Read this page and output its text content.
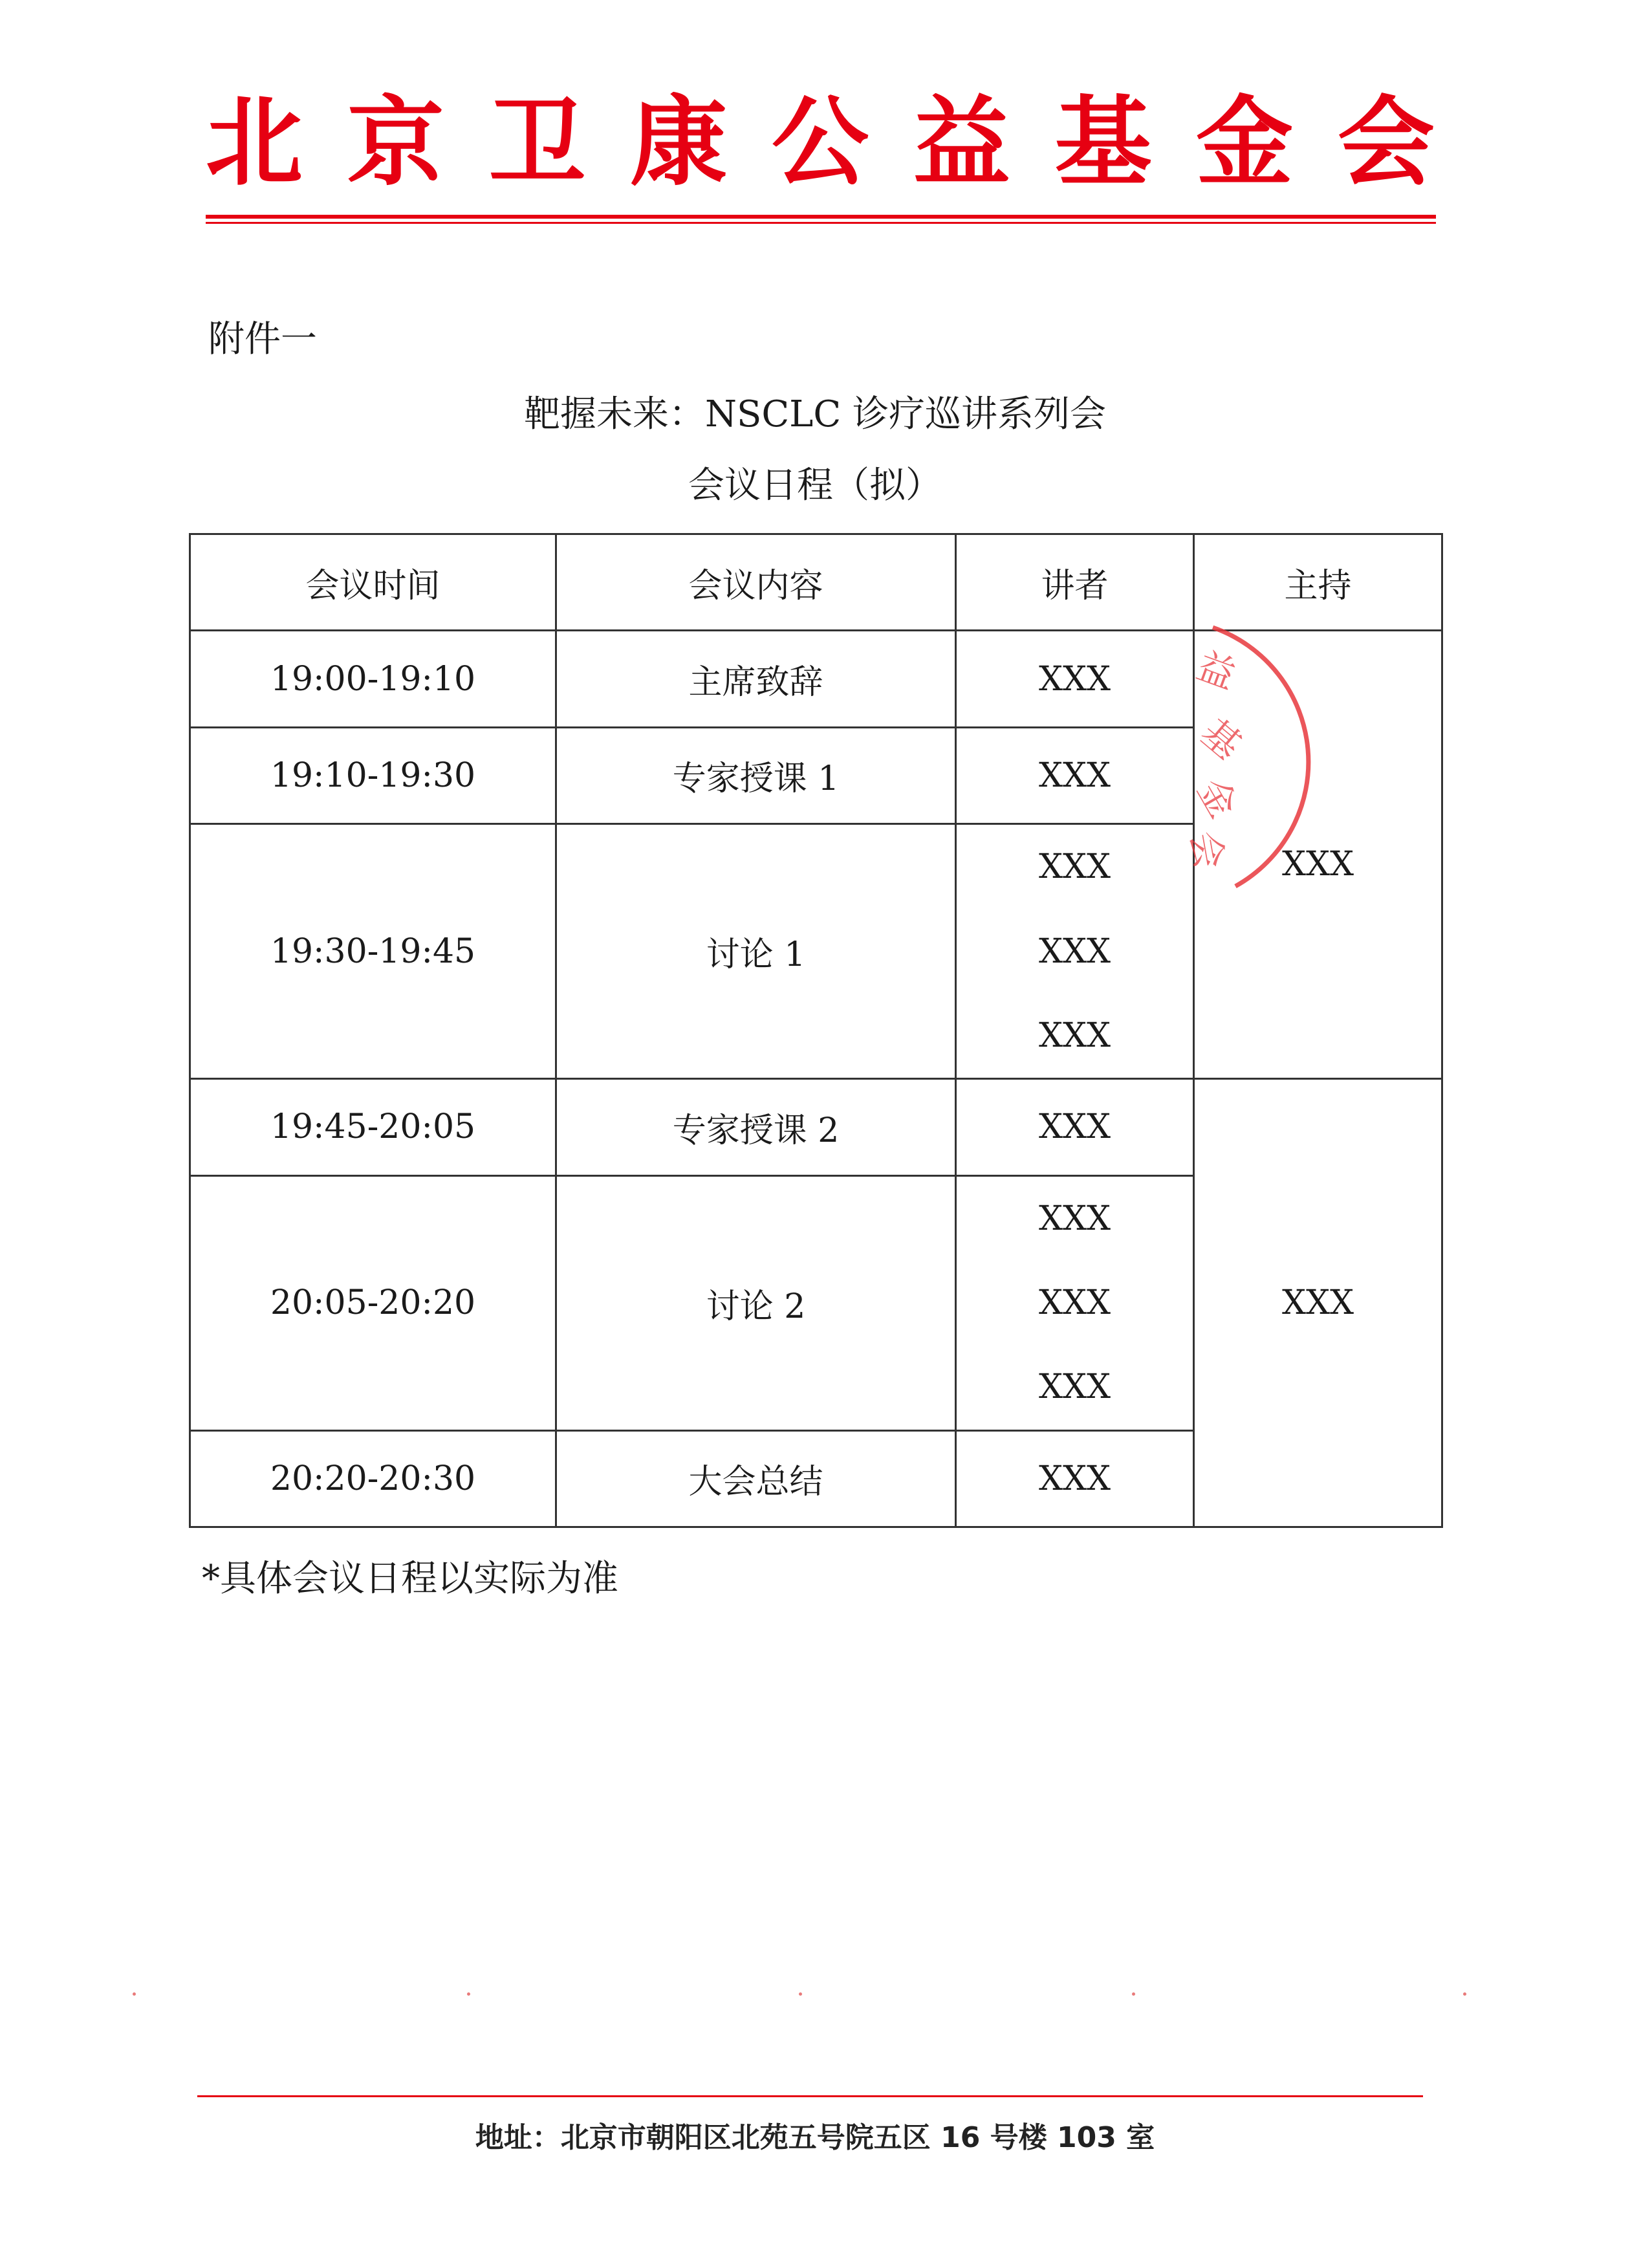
北 京 卫 康 公 益 基 金 会
附件一
靶握未来：NSCLC 诊疗巡讲系列会
会议日程（拟）
会议时间	会议内容	讲者	主持
19:00-19:10	主席致辞	XXX	XXX
19:10-19:30	专家授课 1	XXX	
19:30-19:45	讨论 1	XXX
XXX
XXX	

19:45-20:05	专家授课 2	XXX	XXX
20:05-20:20	讨论 2	XXX
XXX
XXX	

20:20-20:30	大会总结	XXX	
益
基
金
会
*具体会议日程以实际为准
地址：北京市朝阳区北苑五号院五区 16 号楼 103 室
